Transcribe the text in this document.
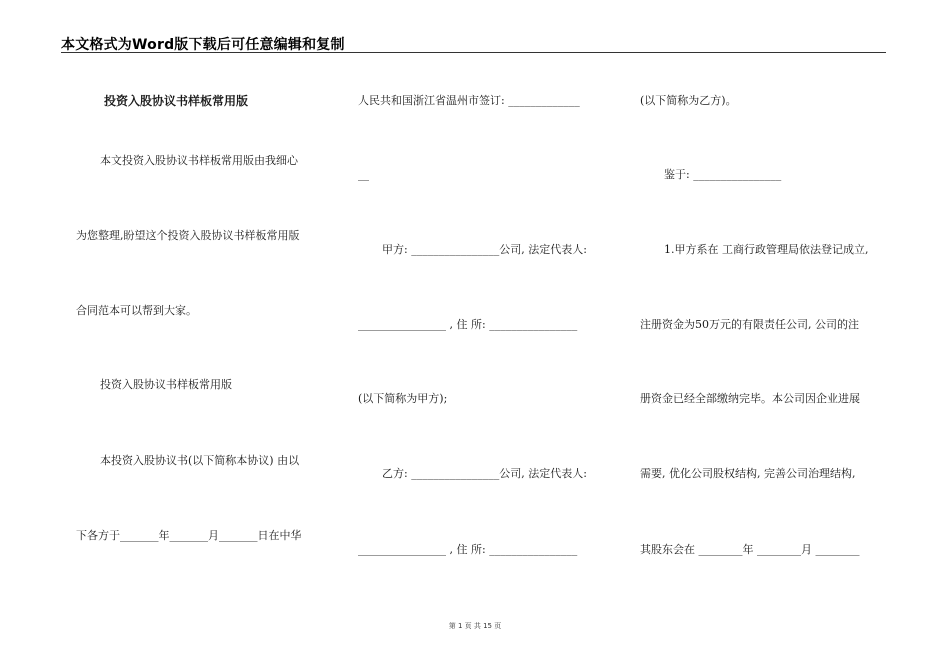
本文格式为Word版下载后可任意编辑和复制
投资入股协议书样板常用版
本文投资入股协议书样板常用版由我细心
为您整理,盼望这个投资入股协议书样板常用版
合同范本可以帮到大家。
投资入股协议书样板常用版
本投资入股协议书(以下简称本协议) 由以
下各方于_______年_______月_______日在中华
人民共和国浙江省温州市签订: _____________
__
甲方: ________________公司, 法定代表人:
________________ , 住 所: ________________
(以下简称为甲方);
乙方: ________________公司, 法定代表人:
________________ , 住 所: ________________
(以下简称为乙方)。
鉴于: ________________
1.甲方系在 工商行政管理局依法登记成立,
注册资金为50万元的有限责任公司, 公司的注
册资金已经全部缴纳完毕。本公司因企业进展
需要, 优化公司股权结构, 完善公司治理结构,
其股东会在 ________年 ________月 ________
第 1 页 共 15 页
